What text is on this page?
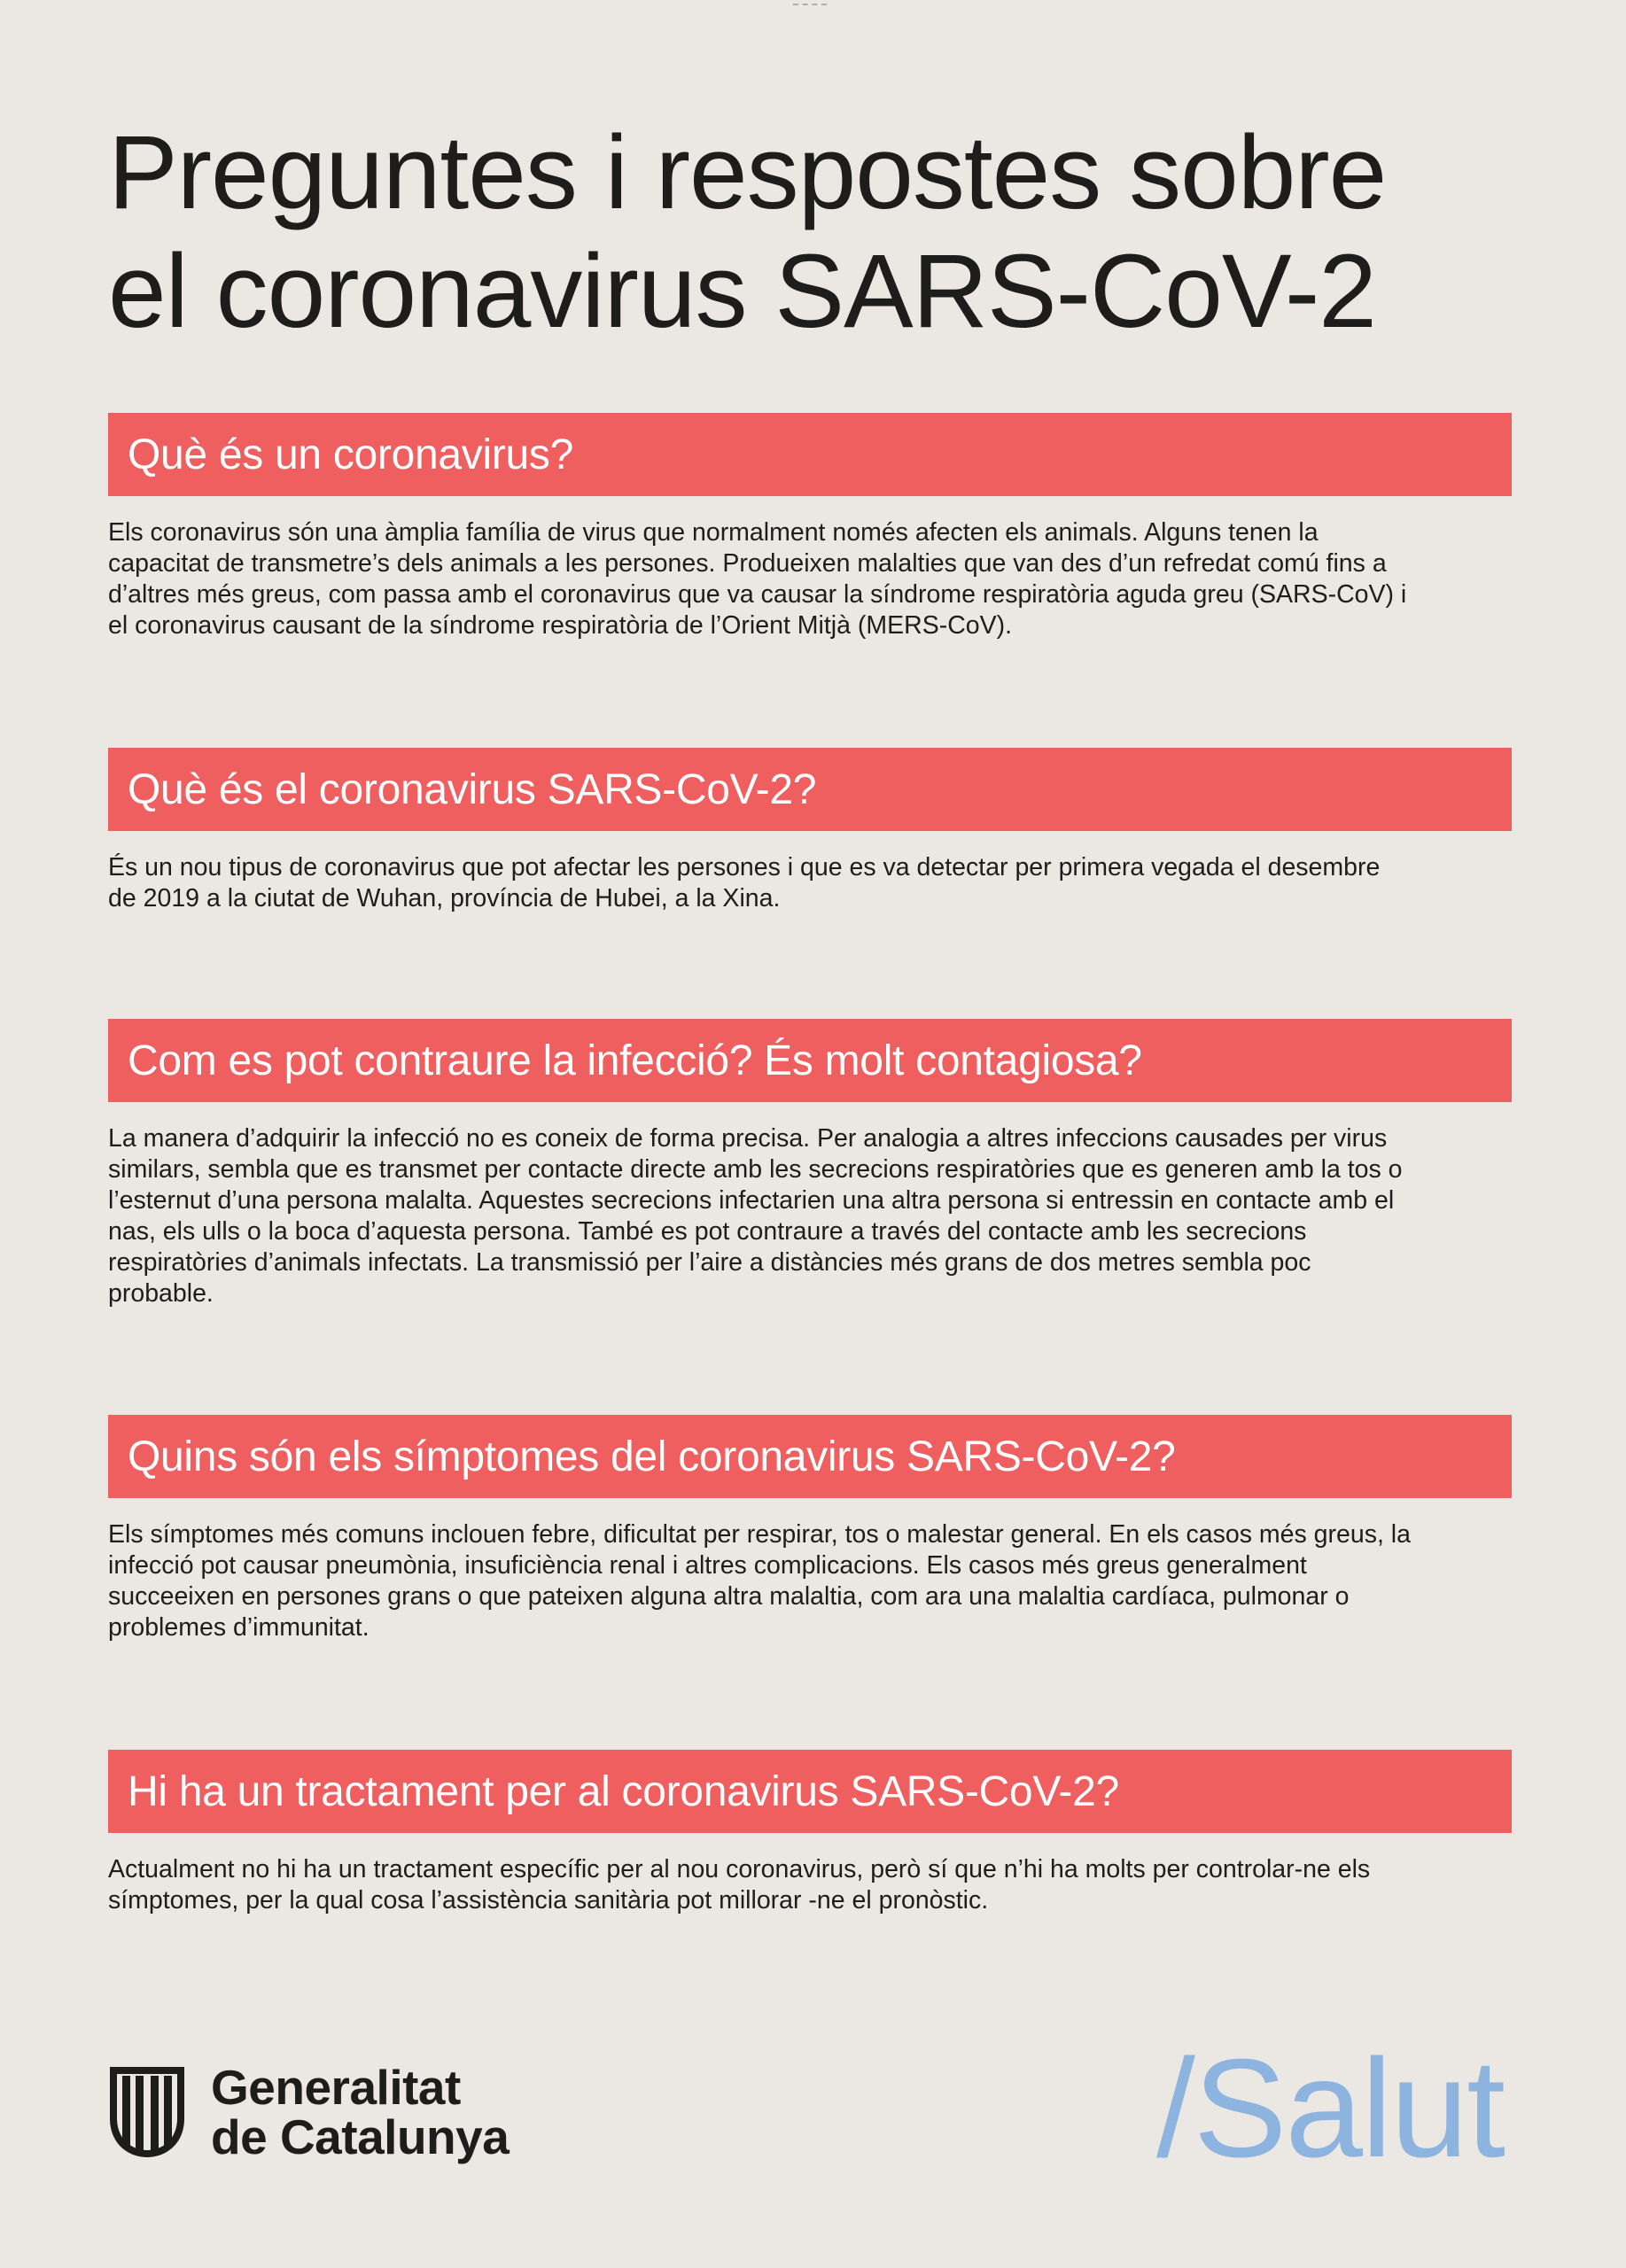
Preguntes i respostes sobre
el coronavirus SARS-CoV-2
Què és un coronavirus?

Els coronavirus són una àmplia família de virus que normalment només afecten els animals. Alguns tenen la capacitat de transmetre’s dels animals a les persones. Produeixen malalties que van des d’un refredat comú fins a d’altres més greus, com passa amb el coronavirus que va causar la síndrome respiratòria aguda greu (SARS-CoV) i el coronavirus causant de la síndrome respiratòria de l’Orient Mitjà (MERS-CoV).

Què és el coronavirus SARS-CoV-2?

És un nou tipus de coronavirus que pot afectar les persones i que es va detectar per primera vegada el desembre de 2019 a la ciutat de Wuhan, província de Hubei, a la Xina.

Com es pot contraure la infecció? És molt contagiosa?

La manera d’adquirir la infecció no es coneix de forma precisa. Per analogia a altres infeccions causades per virus similars, sembla que es transmet per contacte directe amb les secrecions respiratòries que es generen amb la tos o l’esternut d’una persona malalta. Aquestes secrecions infectarien una altra persona si entressin en contacte amb el nas, els ulls o la boca d’aquesta persona. També es pot contraure a través del contacte amb les secrecions respiratòries d’animals infectats. La transmissió per l’aire a distàncies més grans de dos metres sembla poc probable.

Quins són els símptomes del coronavirus SARS-CoV-2?

Els símptomes més comuns inclouen febre, dificultat per respirar, tos o malestar general. En els casos més greus, la infecció pot causar pneumònia, insuficiència renal i altres complicacions. Els casos més greus generalment succeeixen en persones grans o que pateixen alguna altra malaltia, com ara una malaltia cardíaca, pulmonar o problemes d’immunitat.

Hi ha un tractament per al coronavirus SARS-CoV-2?

Actualment no hi ha un tractament específic per al nou coronavirus, però sí que n’hi ha molts per controlar-ne els símptomes, per la qual cosa l’assistència sanitària pot millorar -ne el pronòstic.

Generalitat
de Catalunya	/Salut
